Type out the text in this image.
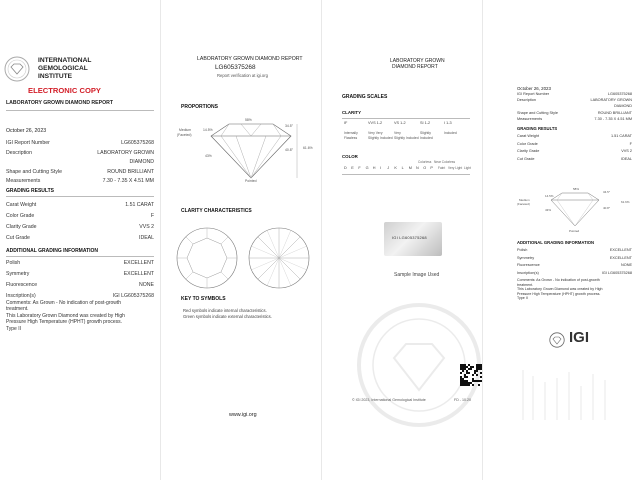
INTERNATIONAL
GEMOLOGICAL
INSTITUTE
ELECTRONIC COPY
LABORATORY GROWN DIAMOND REPORT
October 26, 2023
GRADING RESULTS
ADDITIONAL GRADING INFORMATION
IGI Report Number	LG605375268
Description	LABORATORY GROWN
DIAMOND
Shape and Cutting Style	ROUND BRILLIANT
Measurements	7.30 - 7.35 X 4.51 MM
Carat Weight	1.51 CARAT
Color Grade	F
Clarity Grade	VVS 2
Cut Grade	IDEAL
Polish	EXCELLENT
Symmetry	EXCELLENT
Fluorescence	NONE
Inscription(s)	IGI LG605375268
Comments: As Grown - No indication of post-growth
treatment.
This Laboratory Grown Diamond was created by High
Pressure High Temperature (HPHT) growth process.
Type II
LABORATORY GROWN DIAMOND REPORT
LG605375268
Report verification at igi.org
PROPORTIONS
58%
34.5°
14.5%
Medium
(Faceted)
40.8°	61.6%
43%
Pointed
CLARITY CHARACTERISTICS
KEY TO SYMBOLS
Red symbols indicate internal characteristics.
Green symbols indicate external characteristics.
www.igi.org
LABORATORY GROWN
DIAMOND REPORT
GRADING SCALES
CLARITY
COLOR
IGI LG605375268
Sample Image Used
© IGI 2023, International Gemological Institute	FD - 10.20
IF
Internally
Flawless
VVS 1-2
Very Very
Slightly Included
VS 1-2
Very
Slightly Included
SI 1-2
Slightly
Included
I 1-3
Included
D E F G H I J K L M N O P
Colorless Near Colorless
Faint Very Light Light
October 26, 2023
GRADING RESULTS
58%
34.5°
14.5%
Medium
(Faceted)
40.8°
61.6%
43%
Pointed
ADDITIONAL GRADING INFORMATION
IGI
IGI Report Number	LG605375268
Description	LABORATORY GROWN
DIAMOND
Shape and Cutting Style	ROUND BRILLIANT
Measurements	7.30 - 7.35 X 4.51 MM
Carat Weight	1.51 CARAT
Color Grade	F
Clarity Grade	VVS 2
Cut Grade	IDEAL
Polish	EXCELLENT
Symmetry	EXCELLENT
Fluorescence	NONE
Inscription(s)	IGI LG605375268
Comments: As Grown - No indication of post-growth
treatment.
This Laboratory Grown Diamond was created by High
Pressure High Temperature (HPHT) growth process.
Type II
